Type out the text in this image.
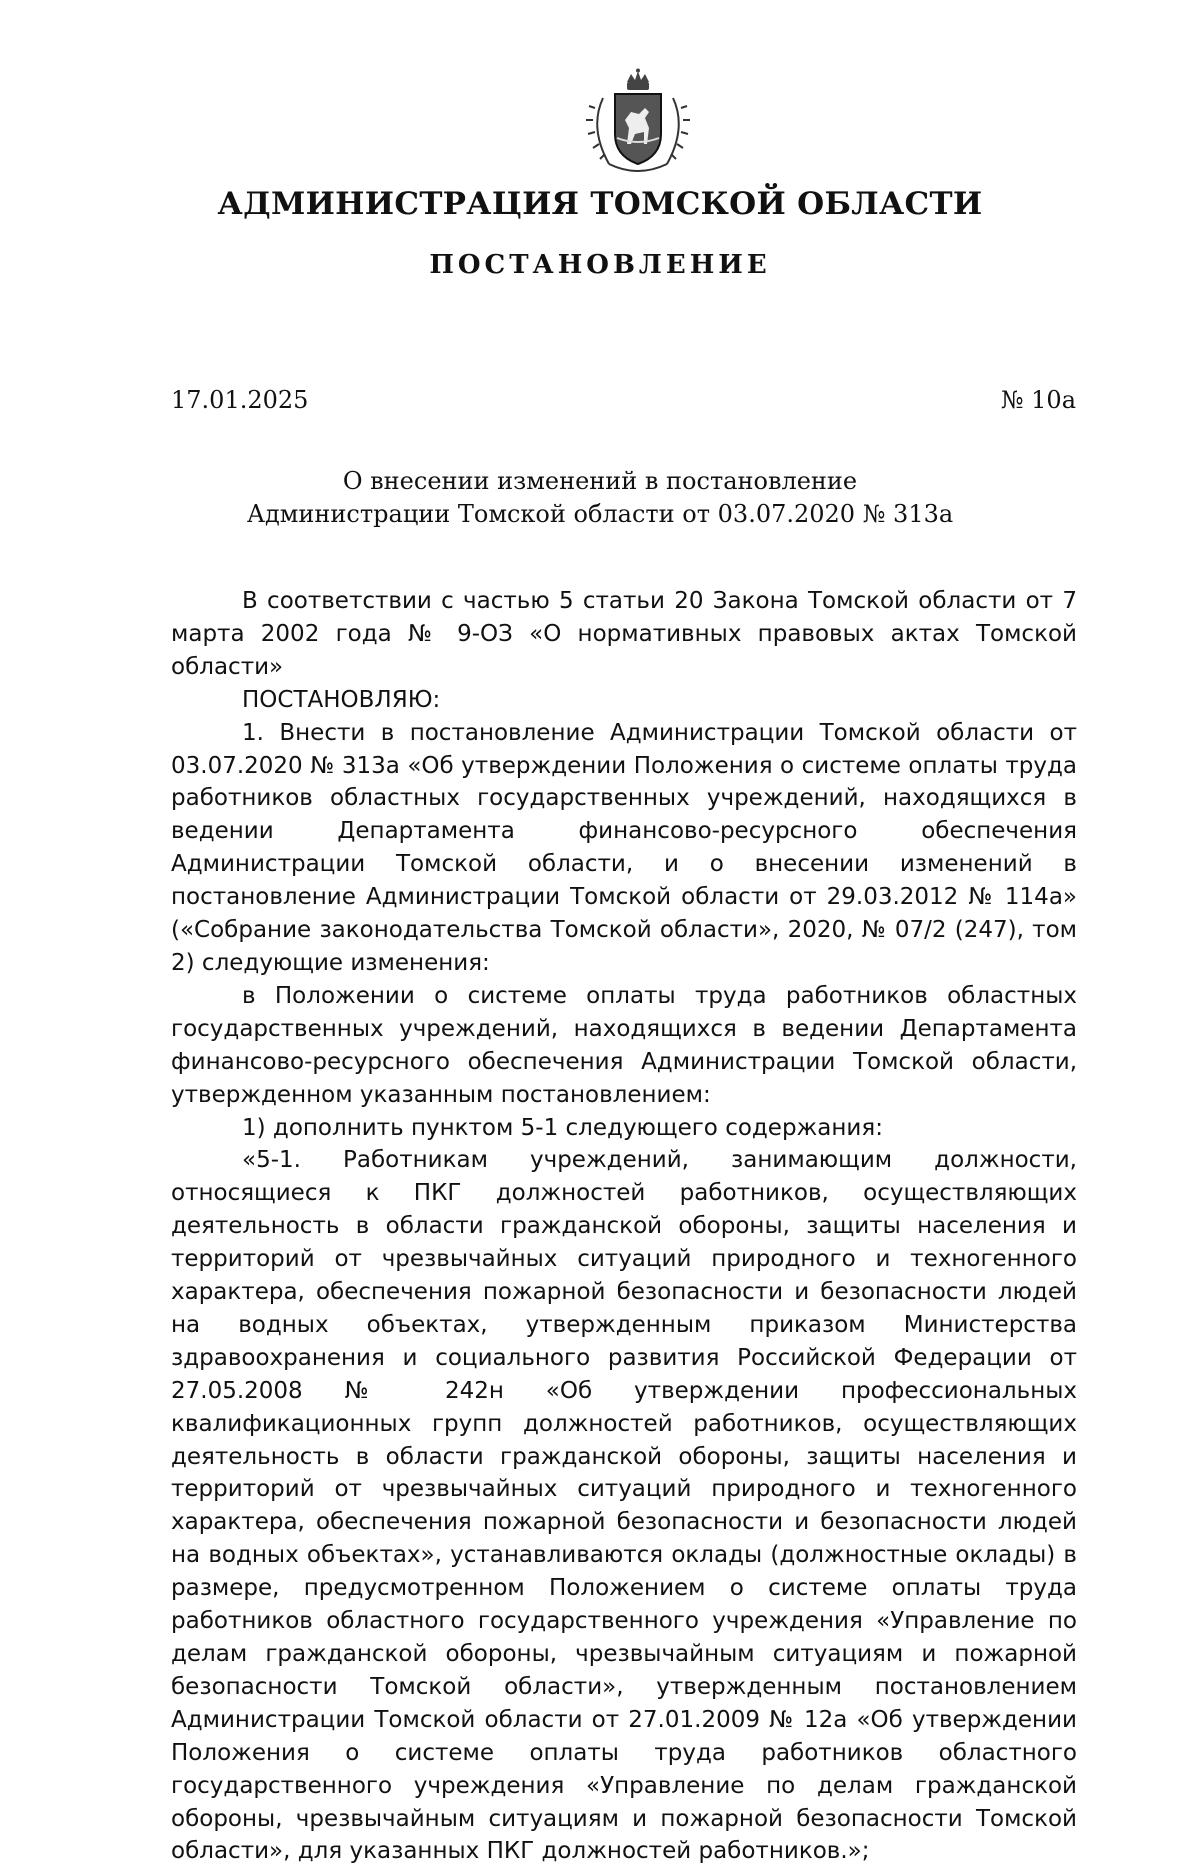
АДМИНИСТРАЦИЯ ТОМСКОЙ ОБЛАСТИ
ПОСТАНОВЛЕНИЕ
17.01.2025	№ 10а
О внесении изменений в постановление
Администрации Томской области от 03.07.2020 № 313а

В соответствии с частью 5 статьи 20 Закона Томской области от 7 марта 2002 года № 9-ОЗ «О нормативных правовых актах Томской области»

ПОСТАНОВЛЯЮ:

1. Внести в постановление Администрации Томской области от 03.07.2020 № 313а «Об утверждении Положения о системе оплаты труда работников областных государственных учреждений, находящихся в ведении Департамента финансово-ресурсного обеспечения Администрации Томской области, и о внесении изменений в постановление Администрации Томской области от 29.03.2012 № 114а» («Собрание законодательства Томской области», 2020, № 07/2 (247), том 2) следующие изменения:

в Положении о системе оплаты труда работников областных государственных учреждений, находящихся в ведении Департамента финансово-ресурсного обеспечения Администрации Томской области, утвержденном указанным постановлением:

1) дополнить пунктом 5-1 следующего содержания:

«5-1. Работникам учреждений, занимающим должности, относящиеся к ПКГ должностей работников, осуществляющих деятельность в области гражданской обороны, защиты населения и территорий от чрезвычайных ситуаций природного и техногенного характера, обеспечения пожарной безопасности и безопасности людей на водных объектах, утвержденным приказом Министерства здравоохранения и социального развития Российской Федерации от 27.05.2008 № 242н «Об утверждении профессиональных квалификационных групп должностей работников, осуществляющих деятельность в области гражданской обороны, защиты населения и территорий от чрезвычайных ситуаций природного и техногенного характера, обеспечения пожарной безопасности и безопасности людей на водных объектах», устанавливаются оклады (должностные оклады) в размере, предусмотренном Положением о системе оплаты труда работников областного государственного учреждения «Управление по делам гражданской обороны, чрезвычайным ситуациям и пожарной безопасности Томской области», утвержденным постановлением Администрации Томской области от 27.01.2009 № 12а «Об утверждении Положения о системе оплаты труда работников областного государственного учреждения «Управление по делам гражданской обороны, чрезвычайным ситуациям и пожарной безопасности Томской области», для указанных ПКГ должностей работников.»;
